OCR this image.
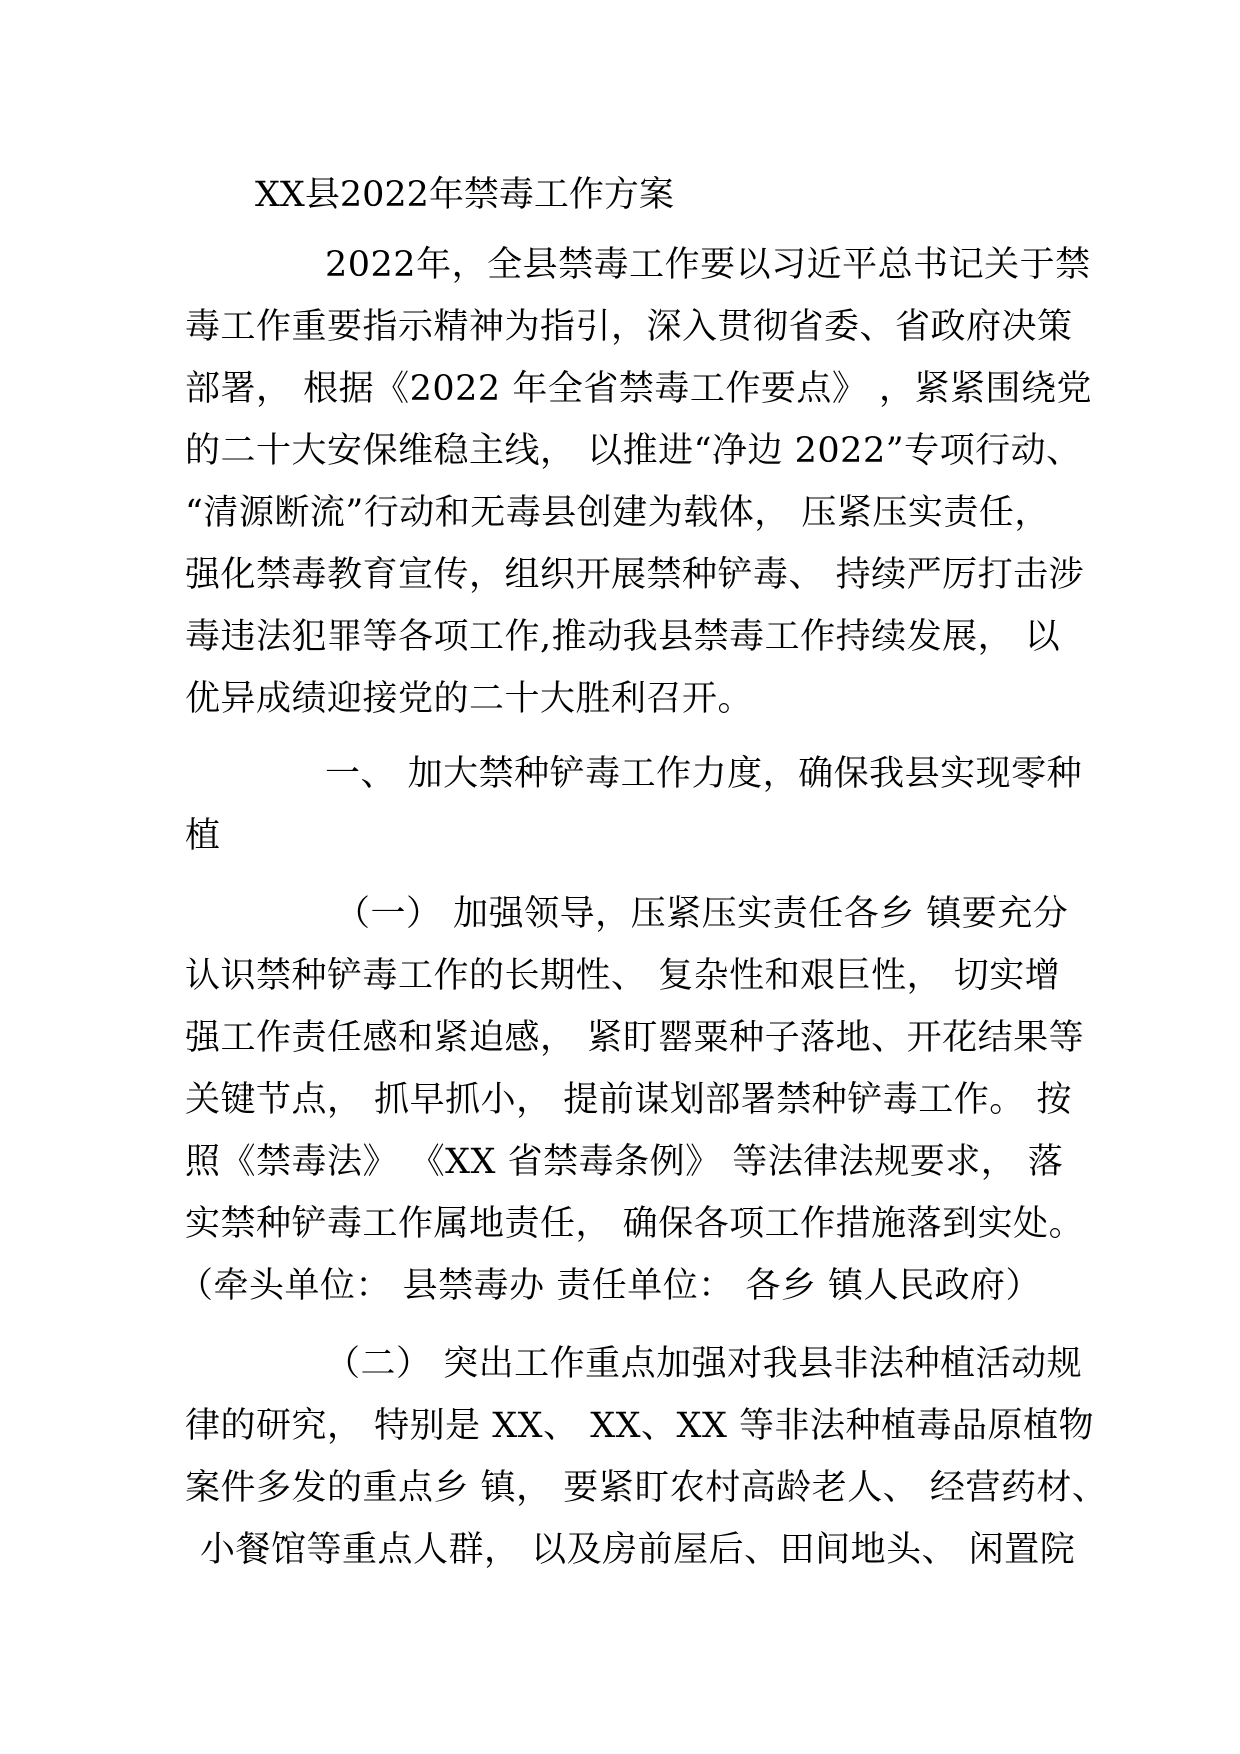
XX县2022年禁毒工作方案
2022年，全县禁毒工作要以习近平总书记关于禁
毒工作重要指示精神为指引，深入贯彻省委、省政府决策
部署， 根据《2022 年全省禁毒工作要点》 ，紧紧围绕党
的二十大安保维稳主线， 以推进“净边 2022”专项行动、
“清源断流”行动和无毒县创建为载体， 压紧压实责任，
强化禁毒教育宣传，组织开展禁种铲毒、 持续严厉打击涉
毒违法犯罪等各项工作,推动我县禁毒工作持续发展， 以
优异成绩迎接党的二十大胜利召开。
一、 加大禁种铲毒工作力度，确保我县实现零种
植
（一） 加强领导，压紧压实责任各乡 镇要充分
认识禁种铲毒工作的长期性、 复杂性和艰巨性， 切实增
强工作责任感和紧迫感， 紧盯罂粟种子落地、开花结果等
关键节点， 抓早抓小， 提前谋划部署禁种铲毒工作。 按
照《禁毒法》 《XX 省禁毒条例》 等法律法规要求， 落
实禁种铲毒工作属地责任， 确保各项工作措施落到实处。
（牵头单位： 县禁毒办 责任单位： 各乡 镇人民政府）
（二） 突出工作重点加强对我县非法种植活动规
律的研究， 特别是 XX、 XX、XX 等非法种植毒品原植物
案件多发的重点乡 镇， 要紧盯农村高龄老人、 经营药材、
小餐馆等重点人群， 以及房前屋后、田间地头、 闲置院
